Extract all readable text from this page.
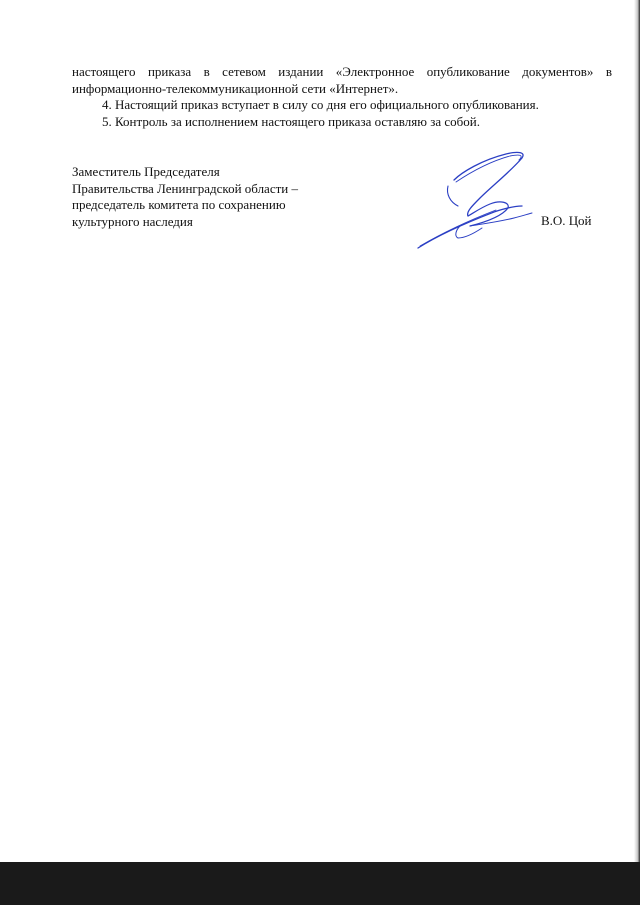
настоящего приказа в сетевом издании «Электронное опубликование документов» в информационно-телекоммуникационной сети «Интернет».

4. Настоящий приказ вступает в силу со дня его официального опубликования.

5. Контроль за исполнением настоящего приказа оставляю за собой.

Заместитель Председателя
Правительства Ленинградской области –
председатель комитета по сохранению
культурного наследия	В.О. Цой
